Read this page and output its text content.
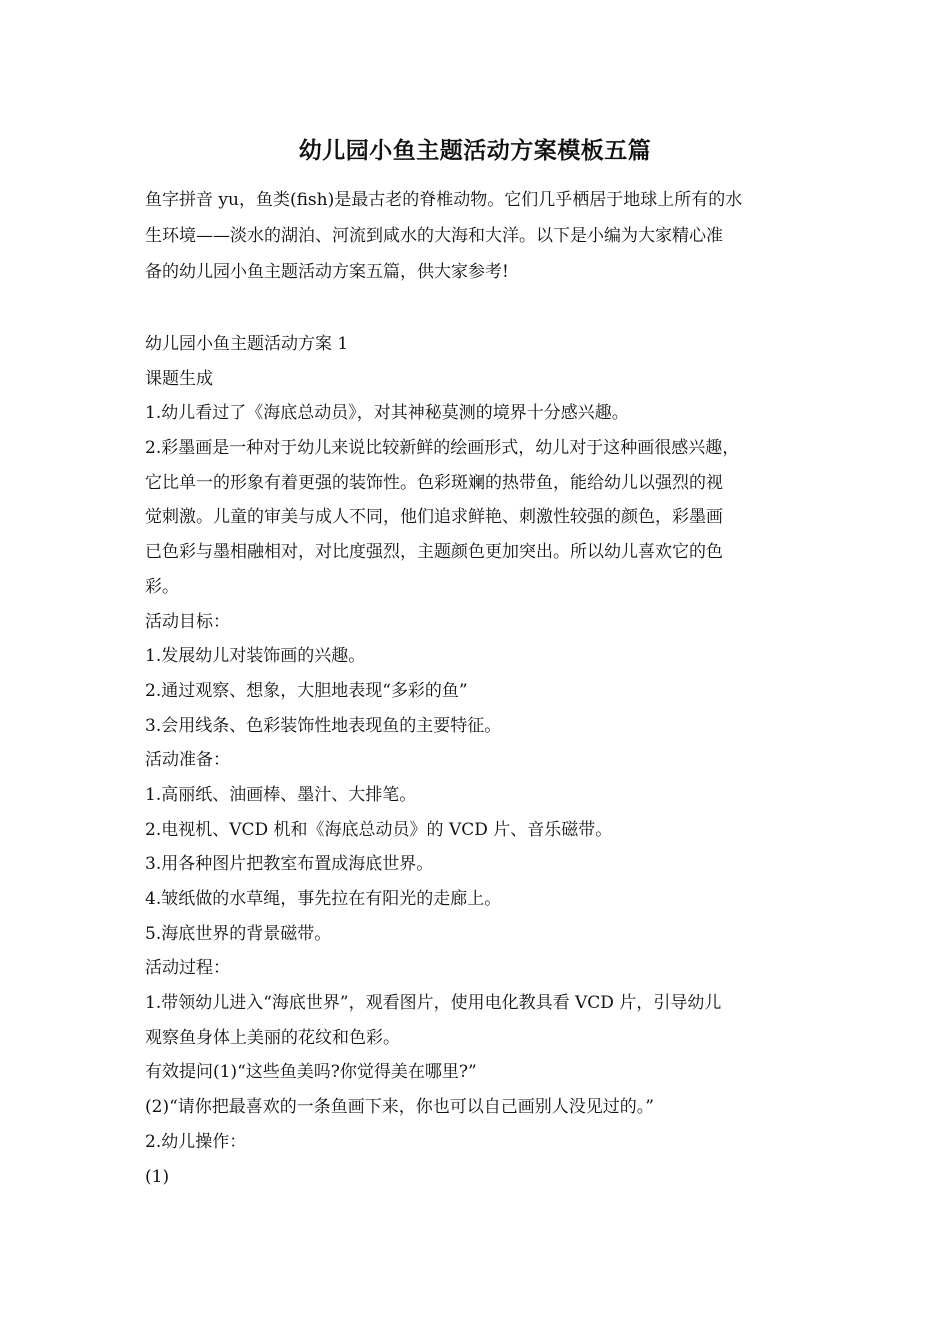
幼儿园小鱼主题活动方案模板五篇
鱼字拼音 yu，鱼类(fish)是最古老的脊椎动物。它们几乎栖居于地球上所有的水
生环境——淡水的湖泊、河流到咸水的大海和大洋。以下是小编为大家精心准
备的幼儿园小鱼主题活动方案五篇，供大家参考!
幼儿园小鱼主题活动方案 1
课题生成
1.幼儿看过了《海底总动员》，对其神秘莫测的境界十分感兴趣。
2.彩墨画是一种对于幼儿来说比较新鲜的绘画形式，幼儿对于这种画很感兴趣，
它比单一的形象有着更强的装饰性。色彩斑斓的热带鱼，能给幼儿以强烈的视
觉刺激。儿童的审美与成人不同，他们追求鲜艳、刺激性较强的颜色，彩墨画
已色彩与墨相融相对，对比度强烈，主题颜色更加突出。所以幼儿喜欢它的色
彩。
活动目标：
1.发展幼儿对装饰画的兴趣。
2.通过观察、想象，大胆地表现“多彩的鱼”
3.会用线条、色彩装饰性地表现鱼的主要特征。
活动准备：
1.高丽纸、油画棒、墨汁、大排笔。
2.电视机、VCD 机和《海底总动员》的 VCD 片、音乐磁带。
3.用各种图片把教室布置成海底世界。
4.皱纸做的水草绳，事先拉在有阳光的走廊上。
5.海底世界的背景磁带。
活动过程：
1.带领幼儿进入“海底世界”，观看图片，使用电化教具看 VCD 片，引导幼儿
观察鱼身体上美丽的花纹和色彩。
有效提问(1)“这些鱼美吗?你觉得美在哪里?”
(2)“请你把最喜欢的一条鱼画下来，你也可以自己画别人没见过的。”
2.幼儿操作：
(1)
